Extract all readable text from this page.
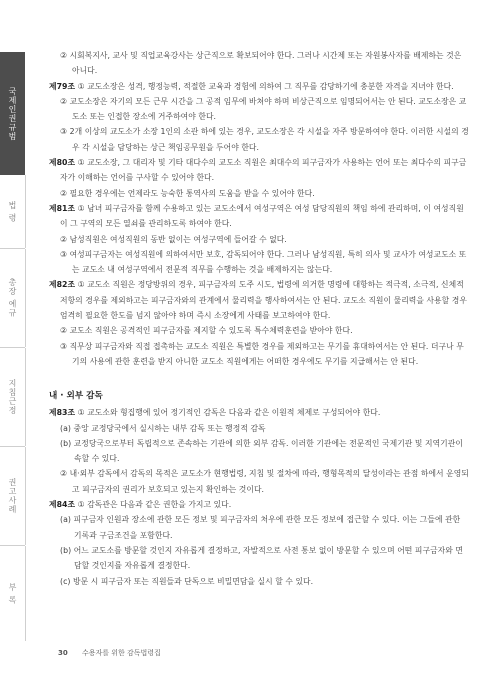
국제인권규범
법 령
총장 예규
지침근정
권고사례
부 록

② 시회복지사, 교사 및 직업교육강사는 상근직으로 확보되어야 한다. 그러나 시간제 또는 자원봉사자를 배제하는 것은 아니다.

제79조 ① 교도소장은 성격, 행정능력, 적절한 교육과 경험에 의하여 그 직무를 감당하기에 충분한 자격을 지녀야 한다.

② 교도소장은 자기의 모든 근무 시간을 그 공적 임무에 바쳐야 하며 비상근직으로 임명되어서는 안 된다. 교도소장은 교도소 또는 인접한 장소에 거주하여야 한다.

③ 2개 이상의 교도소가 소장 1인의 소관 하에 있는 경우, 교도소장은 각 시설을 자주 방문하여야 한다. 이러한 시설의 경우 각 시설을 담당하는 상근 책임공무원을 두어야 한다.

제80조 ① 교도소장, 그 대리자 및 기타 대다수의 교도소 직원은 최대수의 피구금자가 사용하는 언어 또는 최다수의 피구금자가 이해하는 언어를 구사할 수 있어야 한다.

② 필요한 경우에는 언제라도 능숙한 통역사의 도움을 받을 수 있어야 한다.

제81조 ① 남녀 피구금자를 함께 수용하고 있는 교도소에서 여성구역은 여성 담당직원의 책임 하에 관리하며, 이 여성직원이 그 구역의 모든 열쇠를 관리하도록 하여야 한다.

② 남성직원은 여성직원의 동반 없이는 여성구역에 들어갈 수 없다.

③ 여성피구금자는 여성직원에 의하여서만 보호, 감독되어야 한다. 그러나 남성직원, 특히 의사 및 교사가 여성교도소 또는 교도소 내 여성구역에서 전문적 직무를 수행하는 것을 배제하지는 않는다.

제82조 ① 교도소 직원은 정당방위의 경우, 피구금자의 도주 시도, 법령에 의거한 명령에 대항하는 적극적, 소극적, 신체적 저항의 경우를 제외하고는 피구금자와의 관계에서 물리력을 행사하여서는 안 된다. 교도소 직원이 물리력을 사용할 경우 엄격히 필요한 한도를 넘지 않아야 하며 즉시 소장에게 사태를 보고하여야 한다.

② 교도소 직원은 공격적인 피구금자를 제지할 수 있도록 특수체력훈련을 받아야 한다.

③ 직무상 피구금자와 직접 접촉하는 교도소 직원은 특별한 경우를 제외하고는 무기를 휴대하여서는 안 된다. 더구나 무기의 사용에 관한 훈련을 받지 아니한 교도소 직원에게는 어떠한 경우에도 무기를 지급해서는 안 된다.

내 · 외부 감독

제83조 ① 교도소와 형집행에 있어 정기적인 감독은 다음과 같은 이원적 체제로 구성되어야 한다.

(a) 중앙 교정당국에서 실시하는 내부 감독 또는 행정적 감독

(b) 교정당국으로부터 독립적으로 존속하는 기관에 의한 외부 감독. 이러한 기관에는 전문적인 국제기관 및 지역기관이 속할 수 있다.

② 내·외부 감독에서 감독의 목적은 교도소가 현행법령, 지침 및 절차에 따라, 행형목적의 달성이라는 관점 하에서 운영되고 피구금자의 권리가 보호되고 있는지 확인하는 것이다.

제84조 ① 감독관은 다음과 같은 권한을 가지고 있다.

(a) 피구금자 인원과 장소에 관한 모든 정보 및 피구금자의 처우에 관한 모든 정보에 접근할 수 있다. 이는 그들에 관한 기록과 구금조건을 포함한다.

(b) 어느 교도소를 방문할 것인지 자유롭게 결정하고, 자발적으로 사전 통보 없이 방문할 수 있으며 어떤 피구금자와 면담할 것인지를 자유롭게 결정한다.

(c) 방문 시 피구금자 또는 직원들과 단독으로 비밀면담을 실시 할 수 있다.

30 수용자를 위한 감독법령집
